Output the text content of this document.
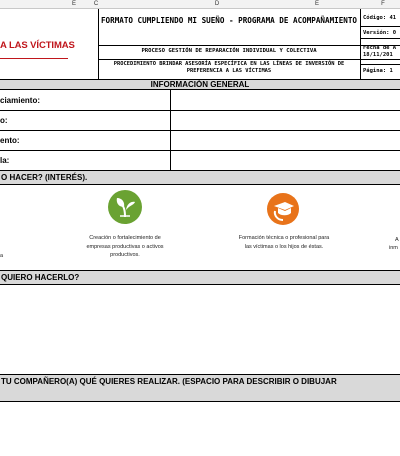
E	C	D	E	F
A LAS VÍCTIMAS
FORMATO CUMPLIENDO MI SUEÑO - PROGRAMA DE ACOMPAÑAMIENTO
PROCESO GESTIÓN DE REPARACIÓN INDIVIDUAL Y COLECTIVA
PROCEDIMIENTO BRINDAR ASESORÍA ESPECÍFICA EN LAS LÍNEAS DE INVERSIÓN DE PREFERENCIA A LAS VÍCTIMAS
Código: 41
Versión: 0
Fecha de A
18/11/201
Página: 1
INFORMACIÓN GENERAL
ciamiento:
o:
ento:
la:
O HACER? (INTERÉS).
Creación o fortalecimiento de empresas productivas o activos productivos.
Formación técnica o profesional para las víctimas o los hijos de éstas.
a
A
inm
QUIERO HACERLO?
TU COMPAÑERO(A) QUÉ QUIERES REALIZAR. (ESPACIO PARA DESCRIBIR O DIBUJAR
